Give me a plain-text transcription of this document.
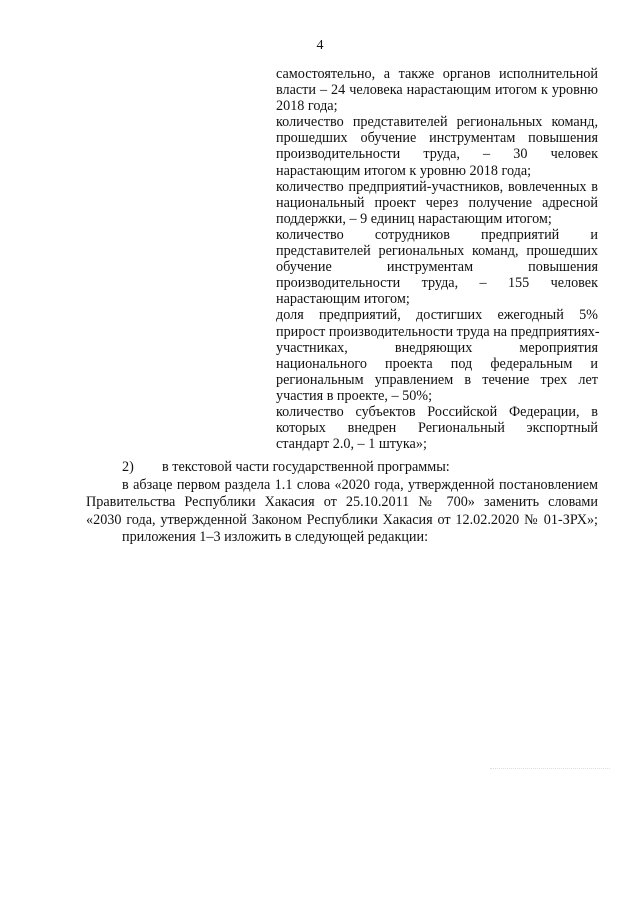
4
самостоятельно, а также органов исполнительной
власти – 24 человека нарастающим итогом к уровню
2018 года;
количество представителей региональных команд,
прошедших обучение инструментам повышения
производительности труда, – 30 человек
нарастающим итогом к уровню 2018 года;
количество предприятий-участников, вовлеченных в
национальный проект через получение адресной
поддержки, – 9 единиц нарастающим итогом;
количество сотрудников предприятий и
представителей региональных команд, прошедших
обучение инструментам повышения
производительности труда, – 155 человек
нарастающим итогом;
доля предприятий, достигших ежегодный 5%
прирост производительности труда на предприятиях-
участниках, внедряющих мероприятия
национального проекта под федеральным и
региональным управлением в течение трех лет
участия в проекте, – 50%;
количество субъектов Российской Федерации, в
которых внедрен Региональный экспортный
стандарт 2.0, – 1 штука»;
2) в текстовой части государственной программы:
в абзаце первом раздела 1.1 слова «2020 года, утвержденной постановлением
Правительства Республики Хакасия от 25.10.2011 № 700» заменить словами
«2030 года, утвержденной Законом Республики Хакасия от 12.02.2020 № 01-ЗРХ»;
приложения 1–3 изложить в следующей редакции:
